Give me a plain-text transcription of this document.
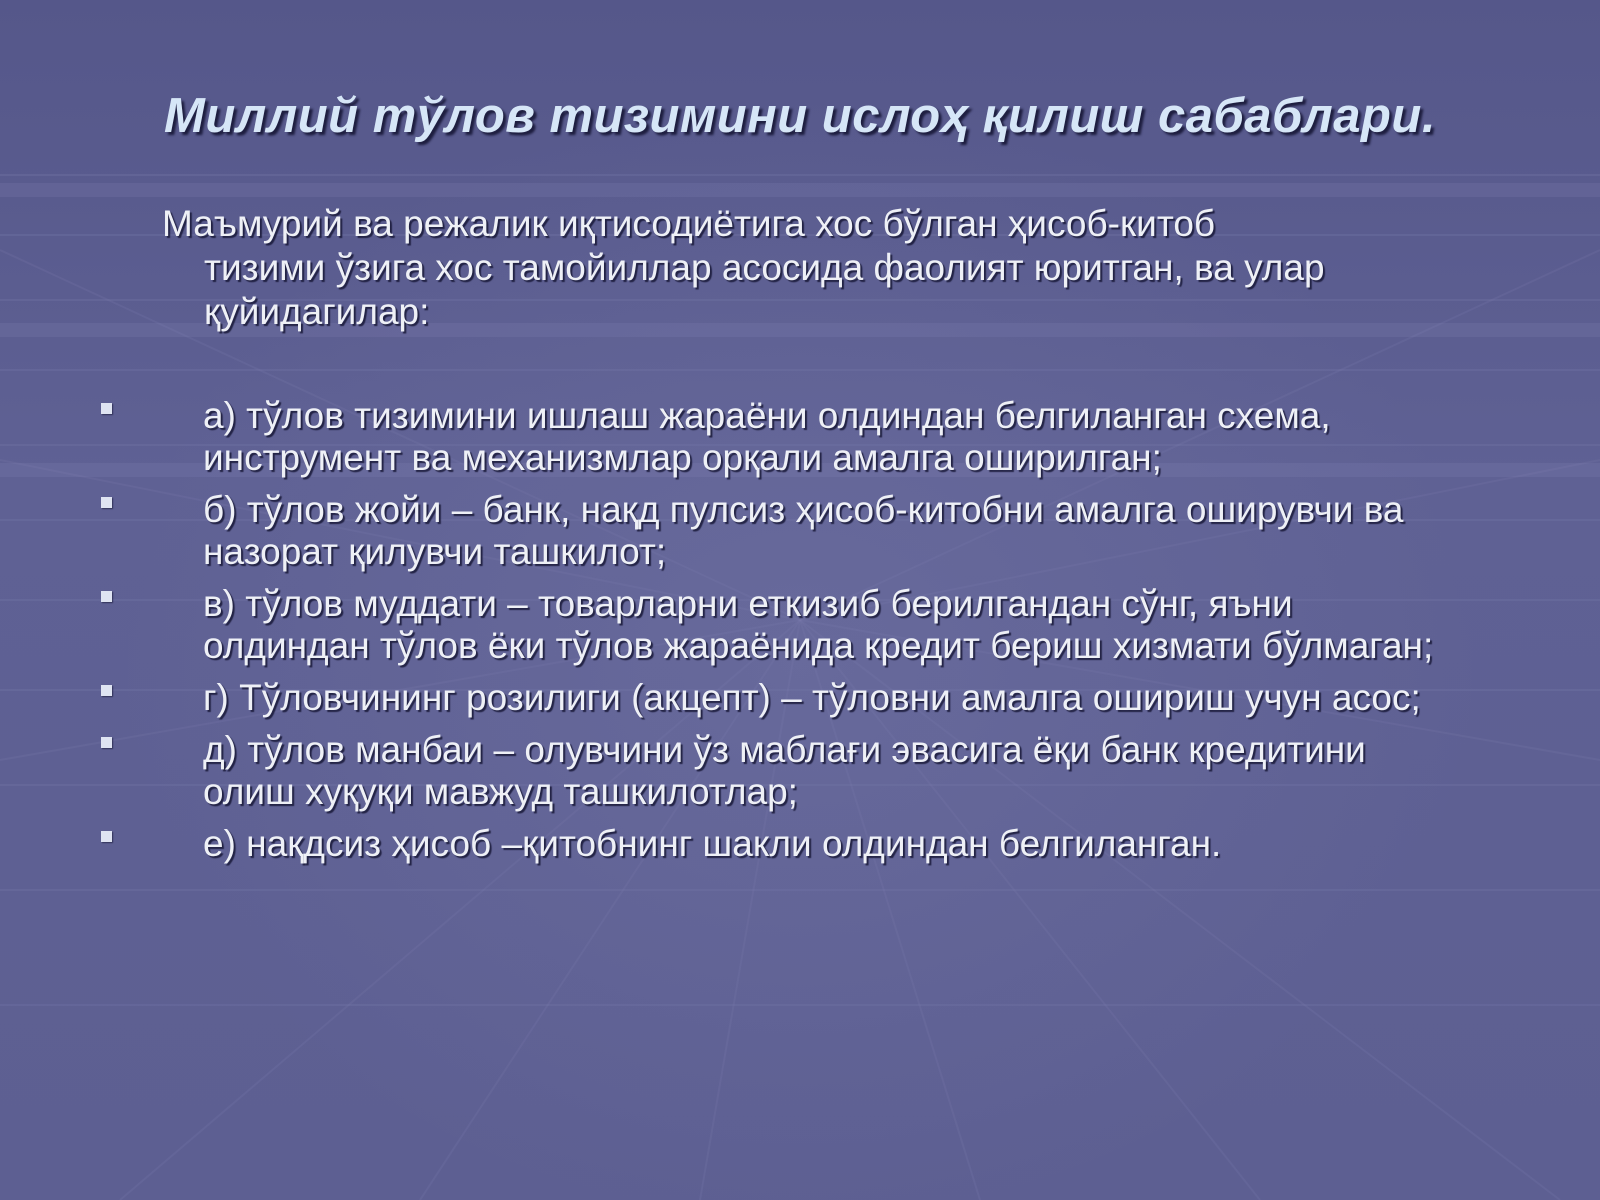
Миллий тўлов тизимини ислоҳ қилиш сабаблари.
Маъмурий ва режалик иқтисодиётига хос бўлган ҳисоб-китоб
тизими ўзига хос тамойиллар асосида фаолият юритган, ва улар қуйидагилар:
а) тўлов тизимини ишлаш жараёни олдиндан белгиланган схема, инструмент ва механизмлар орқали амалга оширилган;
б) тўлов жойи – банк, нақд пулсиз ҳисоб-китобни амалга оширувчи ва назорат қилувчи ташкилот;
в) тўлов муддати – товарларни еткизиб берилгандан сўнг, яъни олдиндан тўлов ёки тўлов жараёнида кредит бериш хизмати бўлмаган;
г) Тўловчининг розилиги (акцепт) – тўловни амалга ошириш учун асос;
д) тўлов манбаи – олувчини ўз маблағи эвасига ёқи банк кредитини олиш хуқуқи мавжуд ташкилотлар;
е) нақдсиз ҳисоб –қитобнинг шакли олдиндан белгиланган.
